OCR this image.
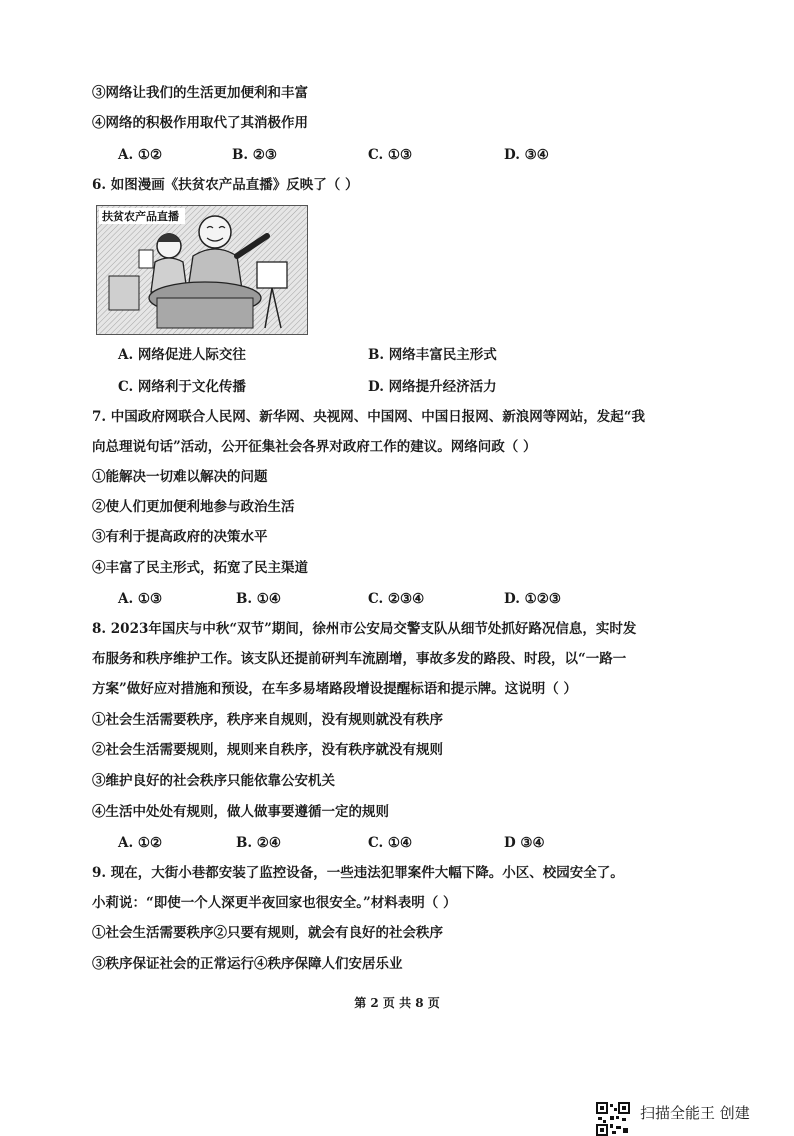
③网络让我们的生活更加便利和丰富
④网络的积极作用取代了其消极作用
A. ①②	B. ②③	C. ①③	D. ③④
6. 如图漫画《扶贫农产品直播》反映了（ ）
扶贫农产品直播
A. 网络促进人际交往	B. 网络丰富民主形式
C. 网络利于文化传播	D. 网络提升经济活力
7. 中国政府网联合人民网、新华网、央视网、中国网、中国日报网、新浪网等网站，发起“我
向总理说句话”活动，公开征集社会各界对政府工作的建议。网络问政（ ）
①能解决一切难以解决的问题
②使人们更加便利地参与政治生活
③有利于提高政府的决策水平
④丰富了民主形式，拓宽了民主渠道
A. ①③	B. ①④	C. ②③④	D. ①②③
8. 2023年国庆与中秋“双节”期间，徐州市公安局交警支队从细节处抓好路况信息，实时发
布服务和秩序维护工作。该支队还提前研判车流剧增，事故多发的路段、时段，以“一路一
方案”做好应对措施和预设，在车多易堵路段增设提醒标语和提示牌。这说明（ ）
①社会生活需要秩序，秩序来自规则，没有规则就没有秩序
②社会生活需要规则，规则来自秩序，没有秩序就没有规则
③维护良好的社会秩序只能依靠公安机关
④生活中处处有规则，做人做事要遵循一定的规则
A. ①②	B. ②④	C. ①④	D ③④
9. 现在，大街小巷都安装了监控设备，一些违法犯罪案件大幅下降。小区、校园安全了。
小莉说：“即使一个人深更半夜回家也很安全。”材料表明（ ）
①社会生活需要秩序②只要有规则，就会有良好的社会秩序
③秩序保证社会的正常运行④秩序保障人们安居乐业
第 2 页 共 8 页
扫描全能王 创建
